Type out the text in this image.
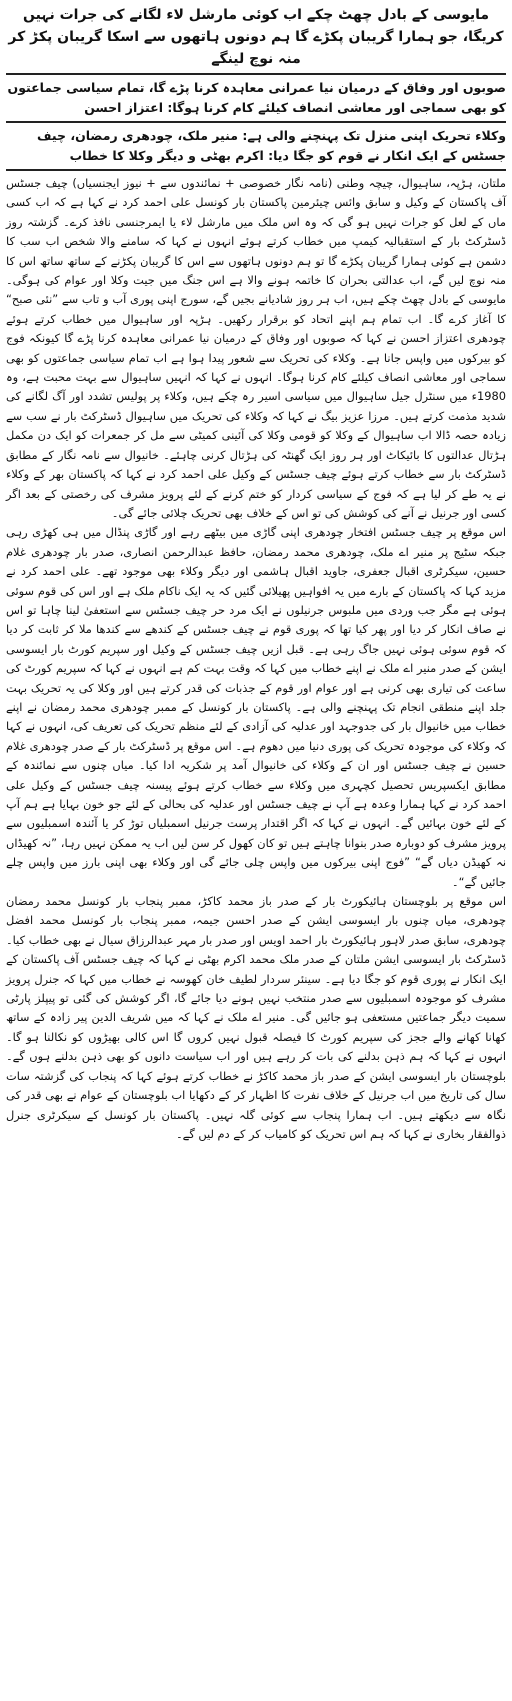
مایوسی کے بادل چھٹ چکے اب کوئی مارشل لاء لگانے کی جرات نہیں کریگا، جو ہمارا گریبان پکڑے گا ہم دونوں ہاتھوں سے اسکا گریبان پکڑ کر منہ نوچ لینگے
صوبوں اور وفاق کے درمیان نیا عمرانی معاہدہ کرنا پڑے گا، تمام سیاسی جماعتوں کو بھی سماجی اور معاشی انصاف کیلئے کام کرنا ہوگا: اعتزاز احسن
وکلاء تحریک اپنی منزل تک پہنچنے والی ہے: منیر ملک، چودھری رمضان، چیف جسٹس کے ایک انکار نے قوم کو جگا دیا: اکرم بھٹی و دیگر وکلا کا خطاب

ملتان، ہڑپہ، ساہیوال، چیچہ وطنی (نامہ نگار خصوصی + نمائندوں سے + نیوز ایجنسیاں) چیف جسٹس آف پاکستان کے وکیل و سابق وائس چیئرمین پاکستان بار کونسل علی احمد کرد نے کہا ہے کہ اب کسی ماں کے لعل کو جرات نہیں ہو گی کہ وہ اس ملک میں مارشل لاء یا ایمرجنسی نافذ کرے۔ گزشتہ روز ڈسٹرکٹ بار کے استقبالیہ کیمپ میں خطاب کرتے ہوئے انہوں نے کہا کہ سامنے والا شخص اب سب کا دشمن ہے کوئی ہمارا گریبان پکڑے گا تو ہم دونوں ہاتھوں سے اس کا گریبان پکڑنے کے ساتھ ساتھ اس کا منہ نوچ لیں گے، اب عدالتی بحران کا خاتمہ ہونے والا ہے اس جنگ میں جیت وکلا اور عوام کی ہوگی۔ مایوسی کے بادل چھٹ چکے ہیں، اب ہر روز شادیانے بجیں گے، سورج اپنی پوری آب و تاب سے ”نئی صبح“ کا آغاز کرے گا۔ اب تمام ہم اپنے اتحاد کو برقرار رکھیں۔ ہڑپہ اور ساہیوال میں خطاب کرتے ہوئے چودھری اعتزاز احسن نے کہا کہ صوبوں اور وفاق کے درمیان نیا عمرانی معاہدہ کرنا پڑے گا کیونکہ فوج کو بیرکوں میں واپس جانا ہے۔ وکلاء کی تحریک سے شعور پیدا ہوا ہے اب تمام سیاسی جماعتوں کو بھی سماجی اور معاشی انصاف کیلئے کام کرنا ہوگا۔ انہوں نے کہا کہ انہیں ساہیوال سے بہت محبت ہے، وہ 1980ء میں سنٹرل جیل ساہیوال میں سیاسی اسیر رہ چکے ہیں، وکلاء پر پولیس تشدد اور آگ لگانے کی شدید مذمت کرتے ہیں۔ مرزا عزیز بیگ نے کہا کہ وکلاء کی تحریک میں ساہیوال ڈسٹرکٹ بار نے سب سے زیادہ حصہ ڈالا اب ساہیوال کے وکلا کو قومی وکلا کی آئینی کمیٹی سے مل کر جمعرات کو ایک دن مکمل ہڑتال عدالتوں کا بائیکاٹ اور ہر روز ایک گھنٹہ کی ہڑتال کرنی چاہئے۔ خانیوال سے نامہ نگار کے مطابق ڈسٹرکٹ بار سے خطاب کرتے ہوئے چیف جسٹس کے وکیل علی احمد کرد نے کہا کہ پاکستان بھر کے وکلاء نے یہ طے کر لیا ہے کہ فوج کے سیاسی کردار کو ختم کرنے کے لئے پرویز مشرف کی رخصتی کے بعد اگر کسی اور جرنیل نے آنے کی کوشش کی تو اس کے خلاف بھی تحریک چلائی جائے گی۔

اس موقع پر چیف جسٹس افتخار چودھری اپنی گاڑی میں بیٹھے رہے اور گاڑی پنڈال میں ہی کھڑی رہی جبکہ سٹیج پر منیر اے ملک، چودھری محمد رمضان، حافظ عبدالرحمن انصاری، صدر بار چودھری غلام حسین، سیکرٹری اقبال جعفری، جاوید اقبال ہاشمی اور دیگر وکلاء بھی موجود تھے۔ علی احمد کرد نے مزید کہا کہ پاکستان کے بارے میں یہ افواہیں پھیلائی گئیں کہ یہ ایک ناکام ملک ہے اور اس کی قوم سوئی ہوئی ہے مگر جب وردی میں ملبوس جرنیلوں نے ایک مرد حر چیف جسٹس سے استعفیٰ لینا چاہا تو اس نے صاف انکار کر دیا اور پھر کیا تھا کہ پوری قوم نے چیف جسٹس کے کندھے سے کندھا ملا کر ثابت کر دیا کہ قوم سوئی ہوئی نہیں جاگ رہی ہے۔ قبل ازیں چیف جسٹس کے وکیل اور سپریم کورٹ بار ایسوسی ایشن کے صدر منیر اے ملک نے اپنے خطاب میں کہا کہ وقت بہت کم ہے انہوں نے کہا کہ سپریم کورٹ کی ساعت کی تیاری بھی کرنی ہے اور عوام اور قوم کے جذبات کی قدر کرتے ہیں اور وکلا کی یہ تحریک بہت جلد اپنے منطقی انجام تک پہنچنے والی ہے۔ پاکستان بار کونسل کے ممبر چودھری محمد رمضان نے اپنے خطاب میں خانیوال بار کی جدوجہد اور عدلیہ کی آزادی کے لئے منظم تحریک کی تعریف کی، انہوں نے کہا کہ وکلاء کی موجودہ تحریک کی پوری دنیا میں دھوم ہے۔ اس موقع پر ڈسٹرکٹ بار کے صدر چودھری غلام حسین نے چیف جسٹس اور ان کے وکلاء کی خانیوال آمد پر شکریہ ادا کیا۔ میاں چنوں سے نمائندہ کے مطابق ایکسپریس تحصیل کچہری میں وکلاء سے خطاب کرتے ہوئے پیسنہ چیف جسٹس کے وکیل علی احمد کرد نے کہا ہمارا وعدہ ہے آپ نے چیف جسٹس اور عدلیہ کی بحالی کے لئے جو خون بہایا ہے ہم آپ کے لئے خون بہائیں گے۔ انہوں نے کہا کہ اگر اقتدار پرست جرنیل اسمبلیاں توڑ کر یا آئندہ اسمبلیوں سے پرویز مشرف کو دوبارہ صدر بنوانا چاہتے ہیں تو کان کھول کر سن لیں اب یہ ممکن نہیں رہا، ”نہ کھیڈاں نہ کھیڈن دیاں گے“ ”فوج اپنی بیرکوں میں واپس چلی جائے گی اور وکلاء بھی اپنی بارز میں واپس چلے جائیں گے“۔

اس موقع پر بلوچستان ہائیکورٹ بار کے صدر باز محمد کاکڑ، ممبر پنجاب بار کونسل محمد رمضان چودھری، میاں چنوں بار ایسوسی ایشن کے صدر احسن جیمہ، ممبر پنجاب بار کونسل محمد افضل چودھری، سابق صدر لاہور ہائیکورٹ بار احمد اویس اور صدر بار مہر عبدالرزاق سیال نے بھی خطاب کیا۔ ڈسٹرکٹ بار ایسوسی ایشن ملتان کے صدر ملک محمد اکرم بھٹی نے کہا کہ چیف جسٹس آف پاکستان کے ایک انکار نے پوری قوم کو جگا دیا ہے۔ سینئر سردار لطیف خان کھوسہ نے خطاب میں کہا کہ جنرل پرویز مشرف کو موجودہ اسمبلیوں سے صدر منتخب نہیں ہونے دیا جائے گا، اگر کوشش کی گئی تو پیپلز پارٹی سمیت دیگر جماعتیں مستعفی ہو جائیں گی۔ منیر اے ملک نے کہا کہ میں شریف الدین پیر زادہ کے ساتھ کھانا کھانے والے ججز کی سپریم کورٹ کا فیصلہ قبول نہیں کروں گا اس کالی بھیڑوں کو نکالنا ہو گا۔ انہوں نے کہا کہ ہم ذہن بدلنے کی بات کر رہے ہیں اور اب سیاست دانوں کو بھی ذہن بدلنے ہوں گے۔ بلوچستان بار ایسوسی ایشن کے صدر باز محمد کاکڑ نے خطاب کرتے ہوئے کہا کہ پنجاب کی گزشتہ سات سال کی تاریخ میں اب جرنیل کے خلاف نفرت کا اظہار کر کے دکھایا اب بلوچستان کے عوام نے بھی قدر کی نگاہ سے دیکھتے ہیں۔ اب ہمارا پنجاب سے کوئی گلہ نہیں۔ پاکستان بار کونسل کے سیکرٹری جنرل ذوالفقار بخاری نے کہا کہ ہم اس تحریک کو کامیاب کر کے دم لیں گے۔
